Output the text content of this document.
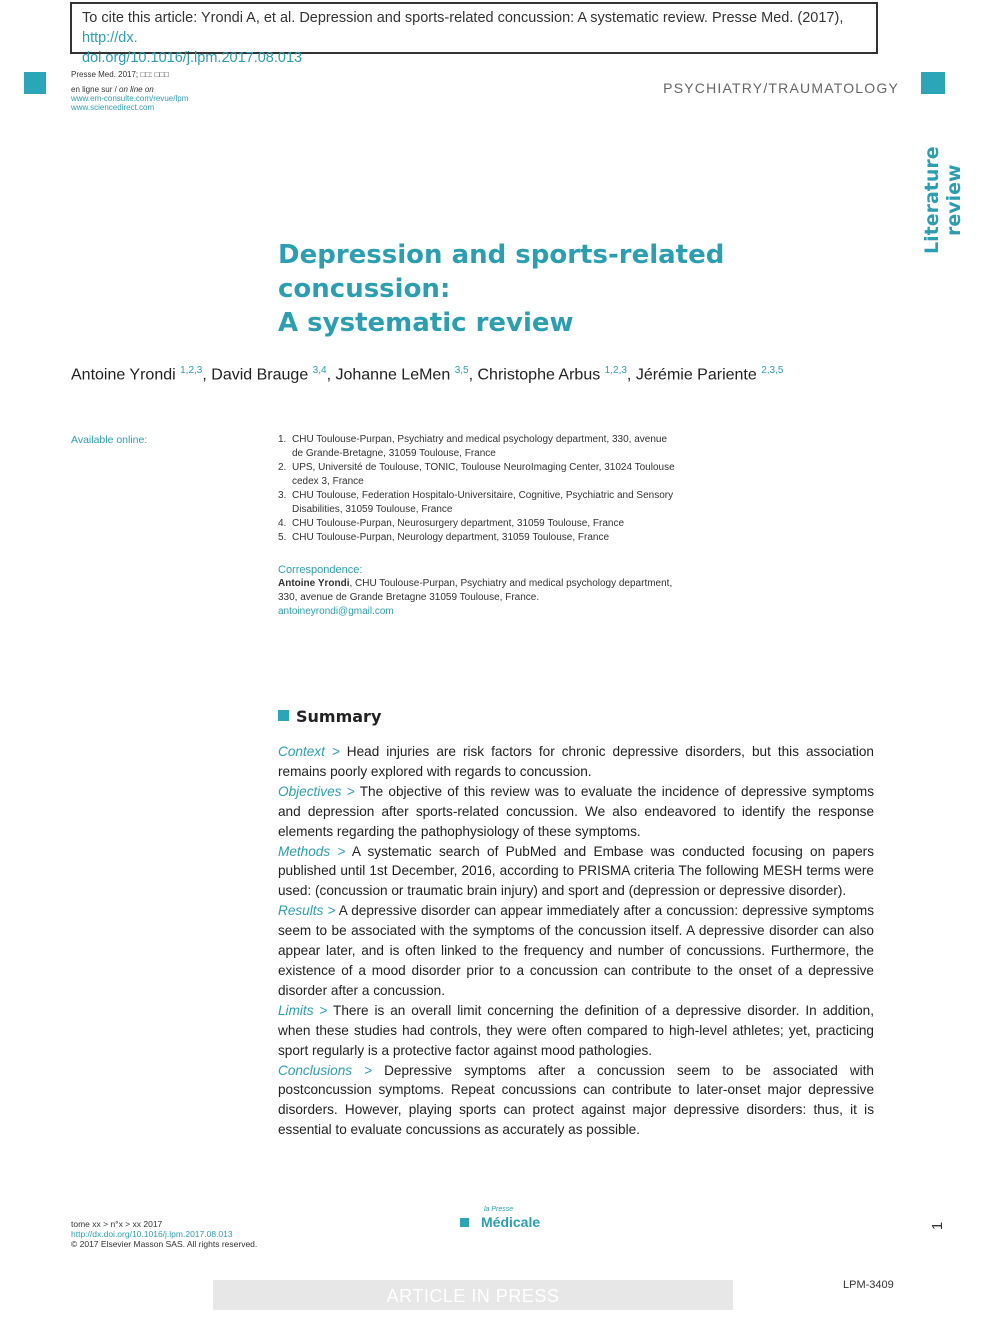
To cite this article: Yrondi A, et al. Depression and sports-related concussion: A systematic review. Presse Med. (2017), http://dx.
doi.org/10.1016/j.lpm.2017.08.013
Presse Med. 2017; □□: □□□
en ligne sur / on line on
www.em-consulte.com/revue/lpm
www.sciencedirect.com
PSYCHIATRY/TRAUMATOLOGY
Literature review
Depression and sports-related concussion:
A systematic review
Antoine Yrondi $^{1,2,3}$, David Brauge $^{3,4}$, Johanne LeMen $^{3,5}$, Christophe Arbus $^{1,2,3}$, Jérémie Pariente $^{2,3,5}$
Available online:	1. CHU Toulouse-Purpan, Psychiatry and medical psychology department, 330, avenue de Grande-Bretagne, 31059 Toulouse, France
2. UPS, Université de Toulouse, TONIC, Toulouse NeuroImaging Center, 31024 Toulouse cedex 3, France
3. CHU Toulouse, Federation Hospitalo-Universitaire, Cognitive, Psychiatric and Sensory Disabilities, 31059 Toulouse, France
4. CHU Toulouse-Purpan, Neurosurgery department, 31059 Toulouse, France
5. CHU Toulouse-Purpan, Neurology department, 31059 Toulouse, France
Correspondence:
Antoine Yrondi, CHU Toulouse-Purpan, Psychiatry and medical psychology department, 330, avenue de Grande Bretagne 31059 Toulouse, France.
antoineyrondi@gmail.com
Summary

Context > Head injuries are risk factors for chronic depressive disorders, but this association remains poorly explored with regards to concussion.

Objectives > The objective of this review was to evaluate the incidence of depressive symptoms and depression after sports-related concussion. We also endeavored to identify the response elements regarding the pathophysiology of these symptoms.

Methods > A systematic search of PubMed and Embase was conducted focusing on papers published until 1st December, 2016, according to PRISMA criteria The following MESH terms were used: (concussion or traumatic brain injury) and sport and (depression or depressive disorder).

Results > A depressive disorder can appear immediately after a concussion: depressive symptoms seem to be associated with the symptoms of the concussion itself. A depressive disorder can also appear later, and is often linked to the frequency and number of concussions. Furthermore, the existence of a mood disorder prior to a concussion can contribute to the onset of a depressive disorder after a concussion.

Limits > There is an overall limit concerning the definition of a depressive disorder. In addition, when these studies had controls, they were often compared to high-level athletes; yet, practicing sport regularly is a protective factor against mood pathologies.

Conclusions > Depressive symptoms after a concussion seem to be associated with postconcussion symptoms. Repeat concussions can contribute to later-onset major depressive disorders. However, playing sports can protect against major depressive disorders: thus, it is essential to evaluate concussions as accurately as possible.

tome xx > n°x > xx 2017
http://dx.doi.org/10.1016/j.lpm.2017.08.013
© 2017 Elsevier Masson SAS. All rights reserved.
la Presse
Médicale	1
ARTICLE IN PRESS
LPM-3409
